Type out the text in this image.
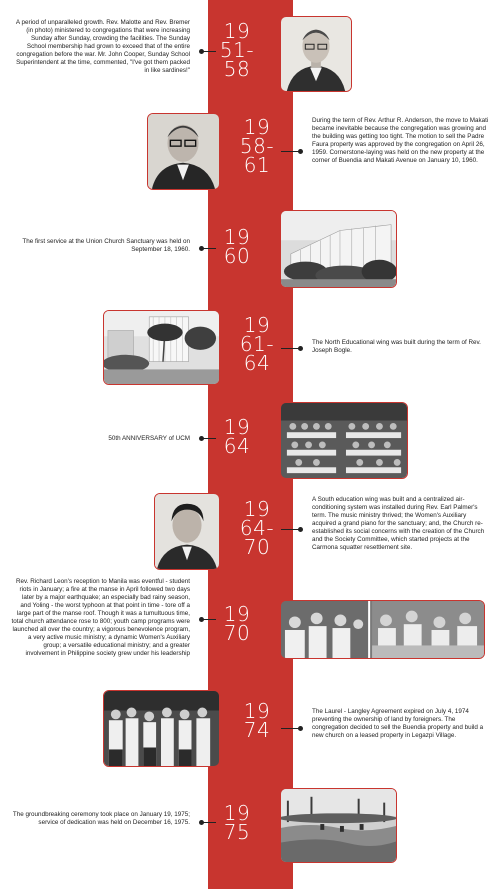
A period of unparalleled growth. Rev. Malotte and Rev. Bremer (in photo) ministered to congregations that were increasing Sunday after Sunday, crowding the facilities. The Sunday School membership had grown to exceed that of the entire congregation before the war. Mr. John Cooper, Sunday School Superintendent at the time, commented, "I've got them packed in like sardines!"
19
51-
58
19
58-
61
During the term of Rev. Arthur R. Anderson, the move to Makati became inevitable because the congregation was growing and the building was getting too tight. The motion to sell the Padre Faura property was approved by the congregation on April 26, 1959. Cornerstone-laying was held on the new property at the corner of Buendia and Makati Avenue on January 10, 1960.
The first service at the Union Church Sanctuary was held on September 18, 1960.
19
60
19
61-
64
The North Educational wing was built during the term of Rev. Joseph Bogle.
50th ANNIVERSARY of UCM	19
64
19
64-
70
A South education wing was built and a centralized air-conditioning system was installed during Rev. Earl Palmer's term. The music ministry thrived; the Women's Auxiliary acquired a grand piano for the sanctuary; and, the Church re-established its social concerns with the creation of the Church and the Society Committee, which started projects at the Carmona squatter resettlement site.
Rev. Richard Leon's reception to Manila was eventful - student riots in January; a fire at the manse in April followed two days later by a major earthquake; an especially bad rainy season, and Yoling - the worst typhoon at that point in time - tore off a large part of the manse roof. Though it was a tumultuous time, total church attendance rose to 800; youth camp programs were launched all over the country; a vigorous benevolence program, a very active music ministry; a dynamic Women's Auxiliary group; a versatile educational ministry; and a greater involvement in Philippine society grew under his leadership
19
70
19
74
The Laurel - Langley Agreement expired on July 4, 1974 preventing the ownership of land by foreigners. The congregation decided to sell the Buendia property and build a new church on a leased property in Legazpi Village.
The groundbreaking ceremony took place on January 19, 1975; service of dedication was held on December 16, 1975.	19
75
